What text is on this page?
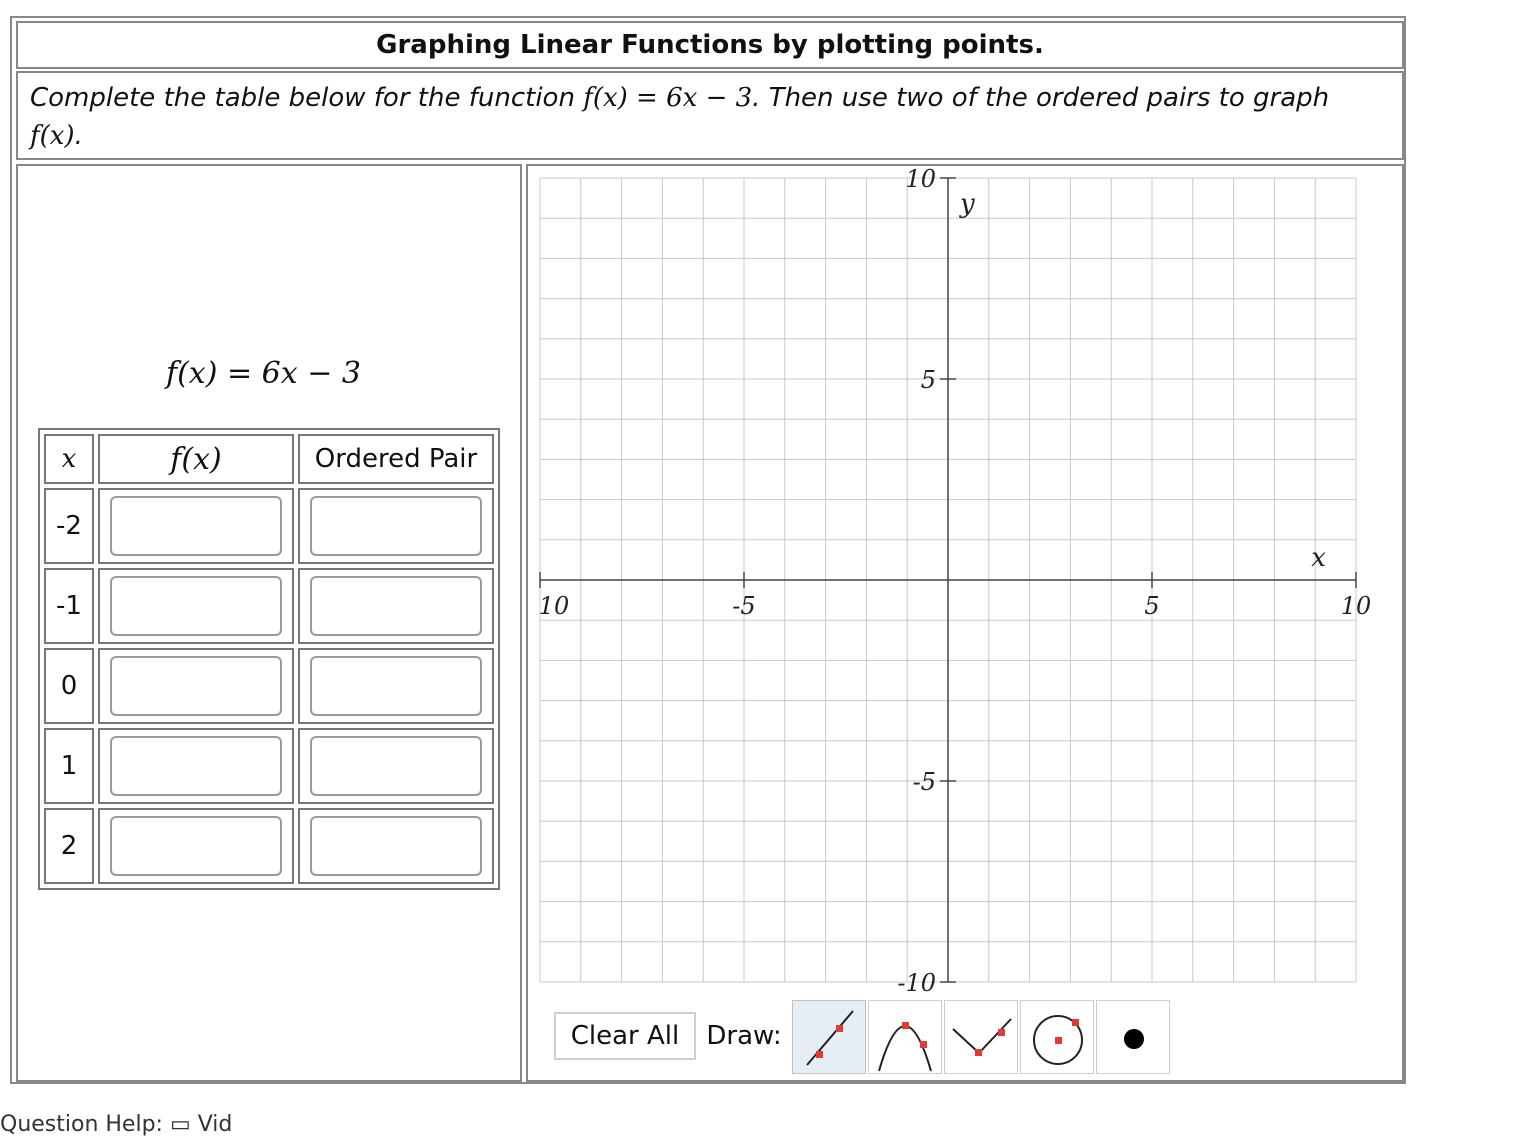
Graphing Linear Functions by plotting points.
Complete the table below for the function f(x) = 6x − 3. Then use two of the ordered pairs to graph
f(x).
f(x) = 6x − 3
x	f(x)	Ordered Pair
-2
-1
0
1
2
10	-5	5	10
10
5
-5
-10
x
y
Clear All	Draw:
Question Help: ▭ Vid
